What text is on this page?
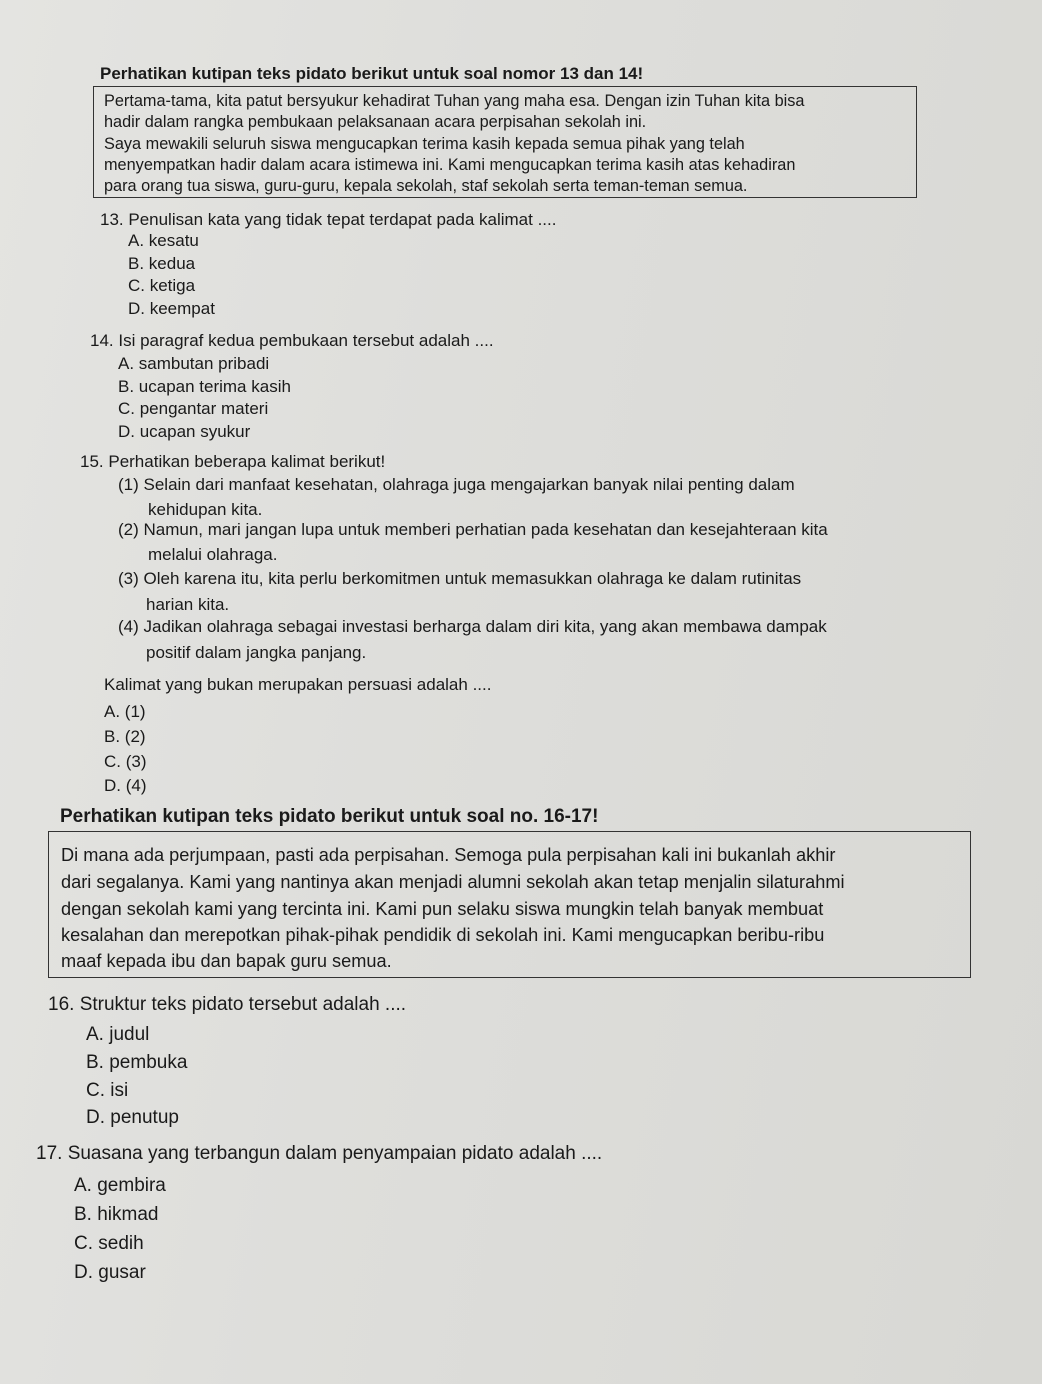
Perhatikan kutipan teks pidato berikut untuk soal nomor 13 dan 14!
Pertama-tama, kita patut bersyukur kehadirat Tuhan yang maha esa. Dengan izin Tuhan kita bisa
hadir dalam rangka pembukaan pelaksanaan acara perpisahan sekolah ini.
Saya mewakili seluruh siswa mengucapkan terima kasih kepada semua pihak yang telah
menyempatkan hadir dalam acara istimewa ini. Kami mengucapkan terima kasih atas kehadiran
para orang tua siswa, guru-guru, kepala sekolah, staf sekolah serta teman-teman semua.
13. Penulisan kata yang tidak tepat terdapat pada kalimat ....
A. kesatu
B. kedua
C. ketiga
D. keempat
14. Isi paragraf kedua pembukaan tersebut adalah ....
A. sambutan pribadi
B. ucapan terima kasih
C. pengantar materi
D. ucapan syukur
15. Perhatikan beberapa kalimat berikut!
(1) Selain dari manfaat kesehatan, olahraga juga mengajarkan banyak nilai penting dalam
kehidupan kita.
(2) Namun, mari jangan lupa untuk memberi perhatian pada kesehatan dan kesejahteraan kita
melalui olahraga.
(3) Oleh karena itu, kita perlu berkomitmen untuk memasukkan olahraga ke dalam rutinitas
harian kita.
(4) Jadikan olahraga sebagai investasi berharga dalam diri kita, yang akan membawa dampak
positif dalam jangka panjang.
Kalimat yang bukan merupakan persuasi adalah ....
A. (1)
B. (2)
C. (3)
D. (4)
Perhatikan kutipan teks pidato berikut untuk soal no. 16-17!
Di mana ada perjumpaan, pasti ada perpisahan. Semoga pula perpisahan kali ini bukanlah akhir
dari segalanya. Kami yang nantinya akan menjadi alumni sekolah akan tetap menjalin silaturahmi
dengan sekolah kami yang tercinta ini. Kami pun selaku siswa mungkin telah banyak membuat
kesalahan dan merepotkan pihak-pihak pendidik di sekolah ini. Kami mengucapkan beribu-ribu
maaf kepada ibu dan bapak guru semua.
16. Struktur teks pidato tersebut adalah ....
A. judul
B. pembuka
C. isi
D. penutup
17. Suasana yang terbangun dalam penyampaian pidato adalah ....
A. gembira
B. hikmad
C. sedih
D. gusar
